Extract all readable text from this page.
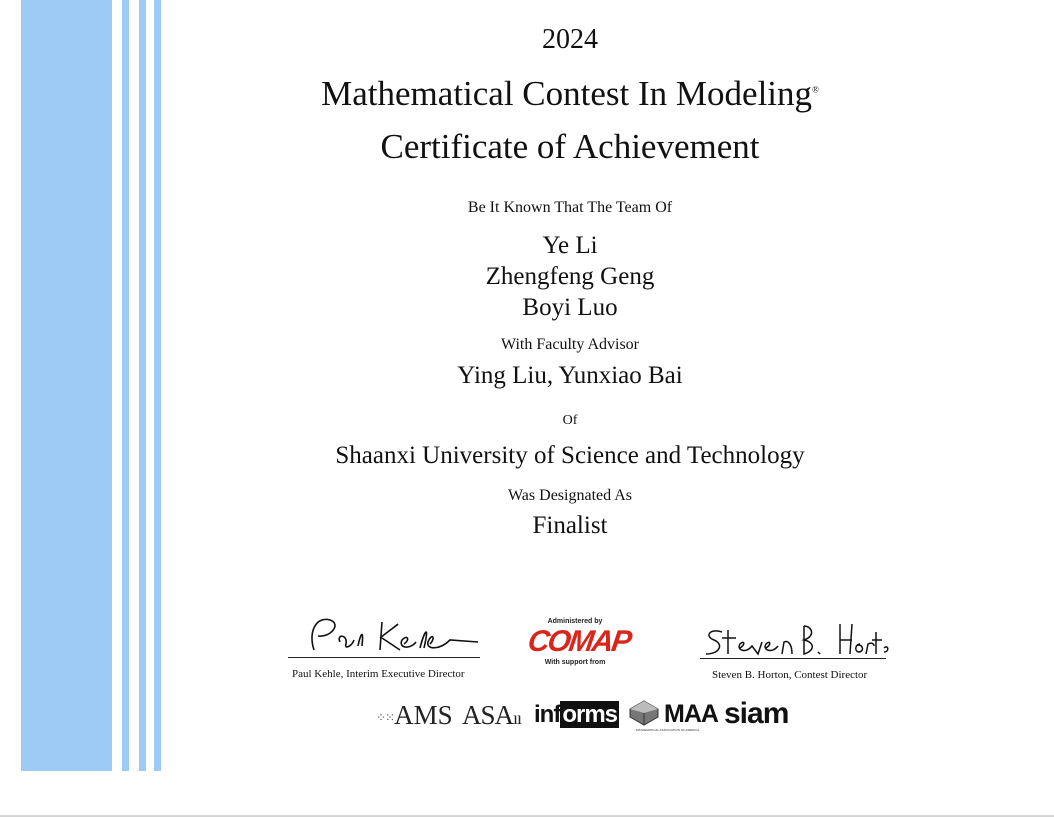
2024
Mathematical Contest In Modeling®
Certificate of Achievement
Be It Known That The Team Of
Ye Li
Zhengfeng Geng
Boyi Luo
With Faculty Advisor
Ying Liu, Yunxiao Bai
Of
Shaanxi University of Science and Technology
Was Designated As
Finalist
Paul Kehle, Interim Executive Director
Administered by
COMAP
With support from
Steven B. Horton, Contest Director
⁘⁙AMS ASAıı informs MAA
MATHEMATICAL ASSOCIATION OF AMERICA siam
